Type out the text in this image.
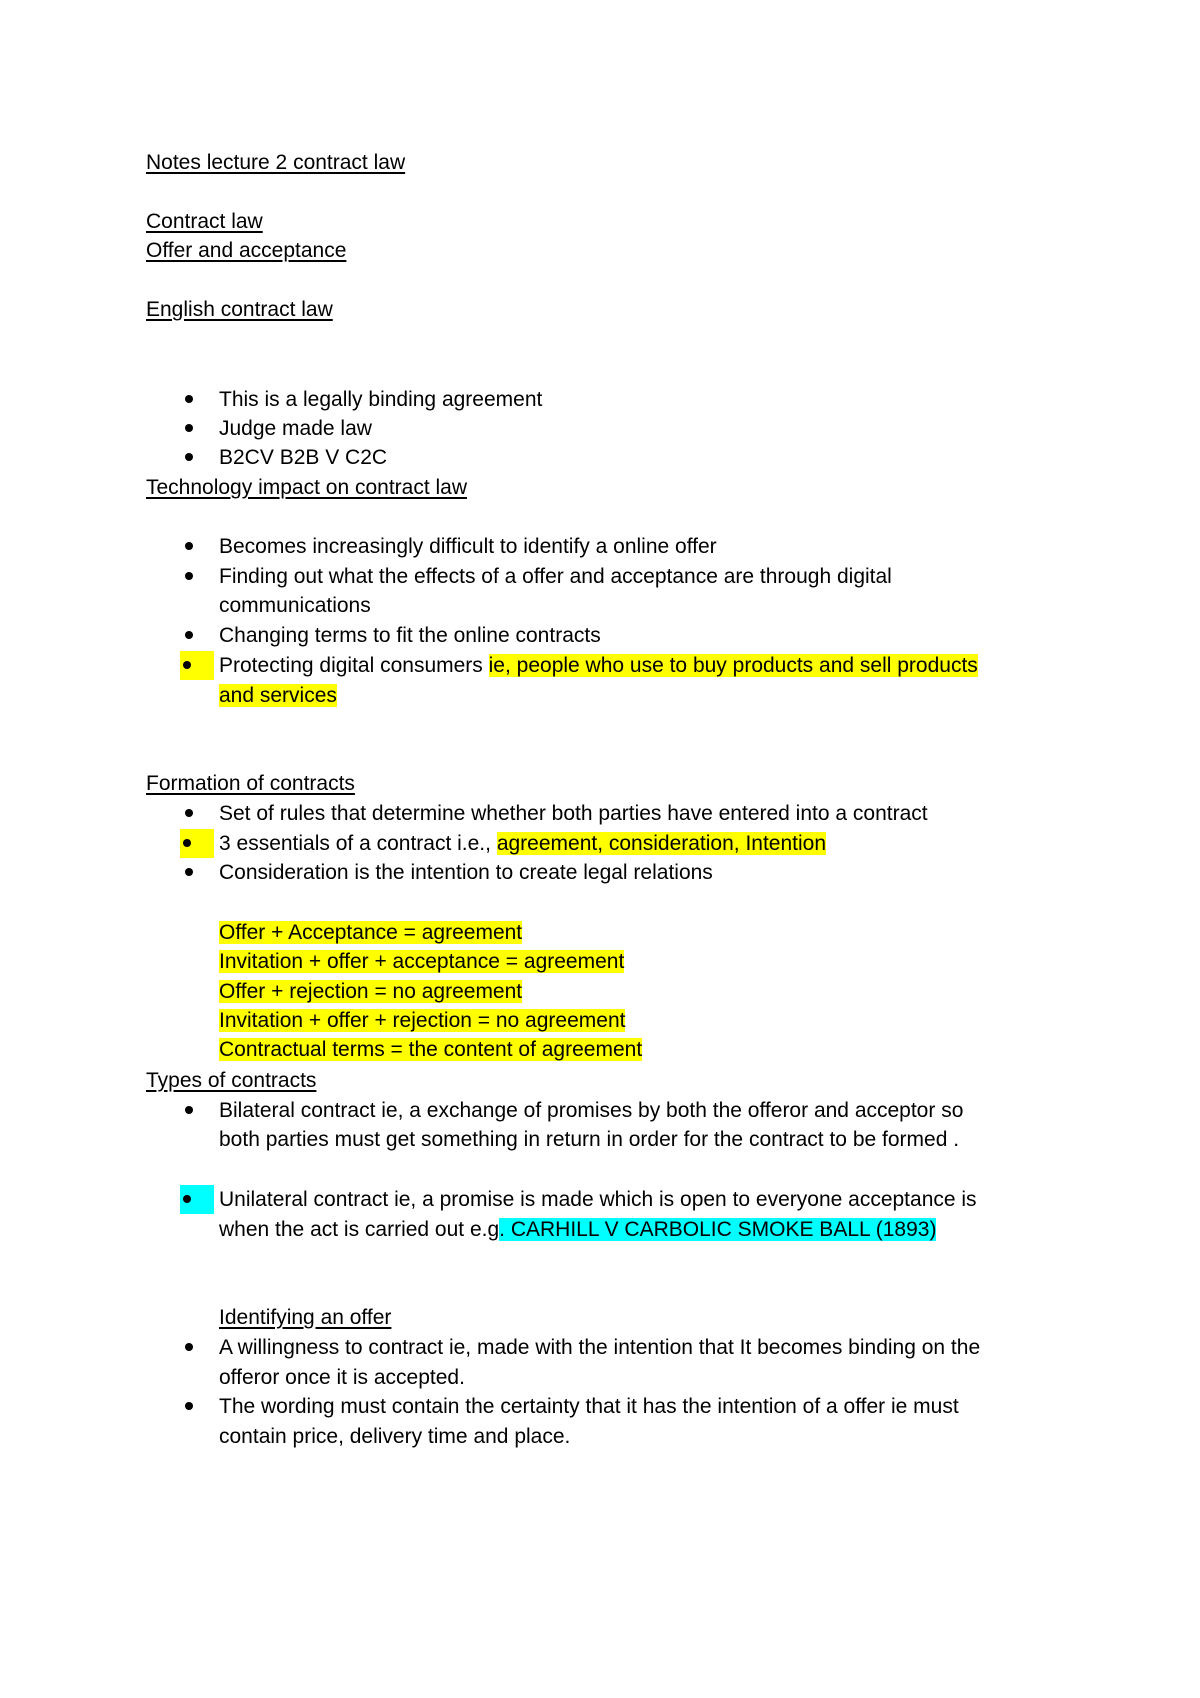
Notes lecture 2 contract law
Contract law
Offer and acceptance
English contract law
This is a legally binding agreement
Judge made law
B2CV B2B V C2C
Technology impact on contract law
Becomes increasingly difficult to identify a online offer
Finding out what the effects of a offer and acceptance are through digital
communications
Changing terms to fit the online contracts
Protecting digital consumers ie, people who use to buy products and sell products
and services
Formation of contracts
Set of rules that determine whether both parties have entered into a contract
3 essentials of a contract i.e., agreement, consideration, Intention
Consideration is the intention to create legal relations
Offer + Acceptance = agreement
Invitation + offer + acceptance = agreement
Offer + rejection = no agreement
Invitation + offer + rejection = no agreement
Contractual terms = the content of agreement
Types of contracts
Bilateral contract ie, a exchange of promises by both the offeror and acceptor so
both parties must get something in return in order for the contract to be formed .
Unilateral contract ie, a promise is made which is open to everyone acceptance is
when the act is carried out e.g. CARHILL V CARBOLIC SMOKE BALL (1893)
Identifying an offer
A willingness to contract ie, made with the intention that It becomes binding on the
offeror once it is accepted.
The wording must contain the certainty that it has the intention of a offer ie must
contain price, delivery time and place.
